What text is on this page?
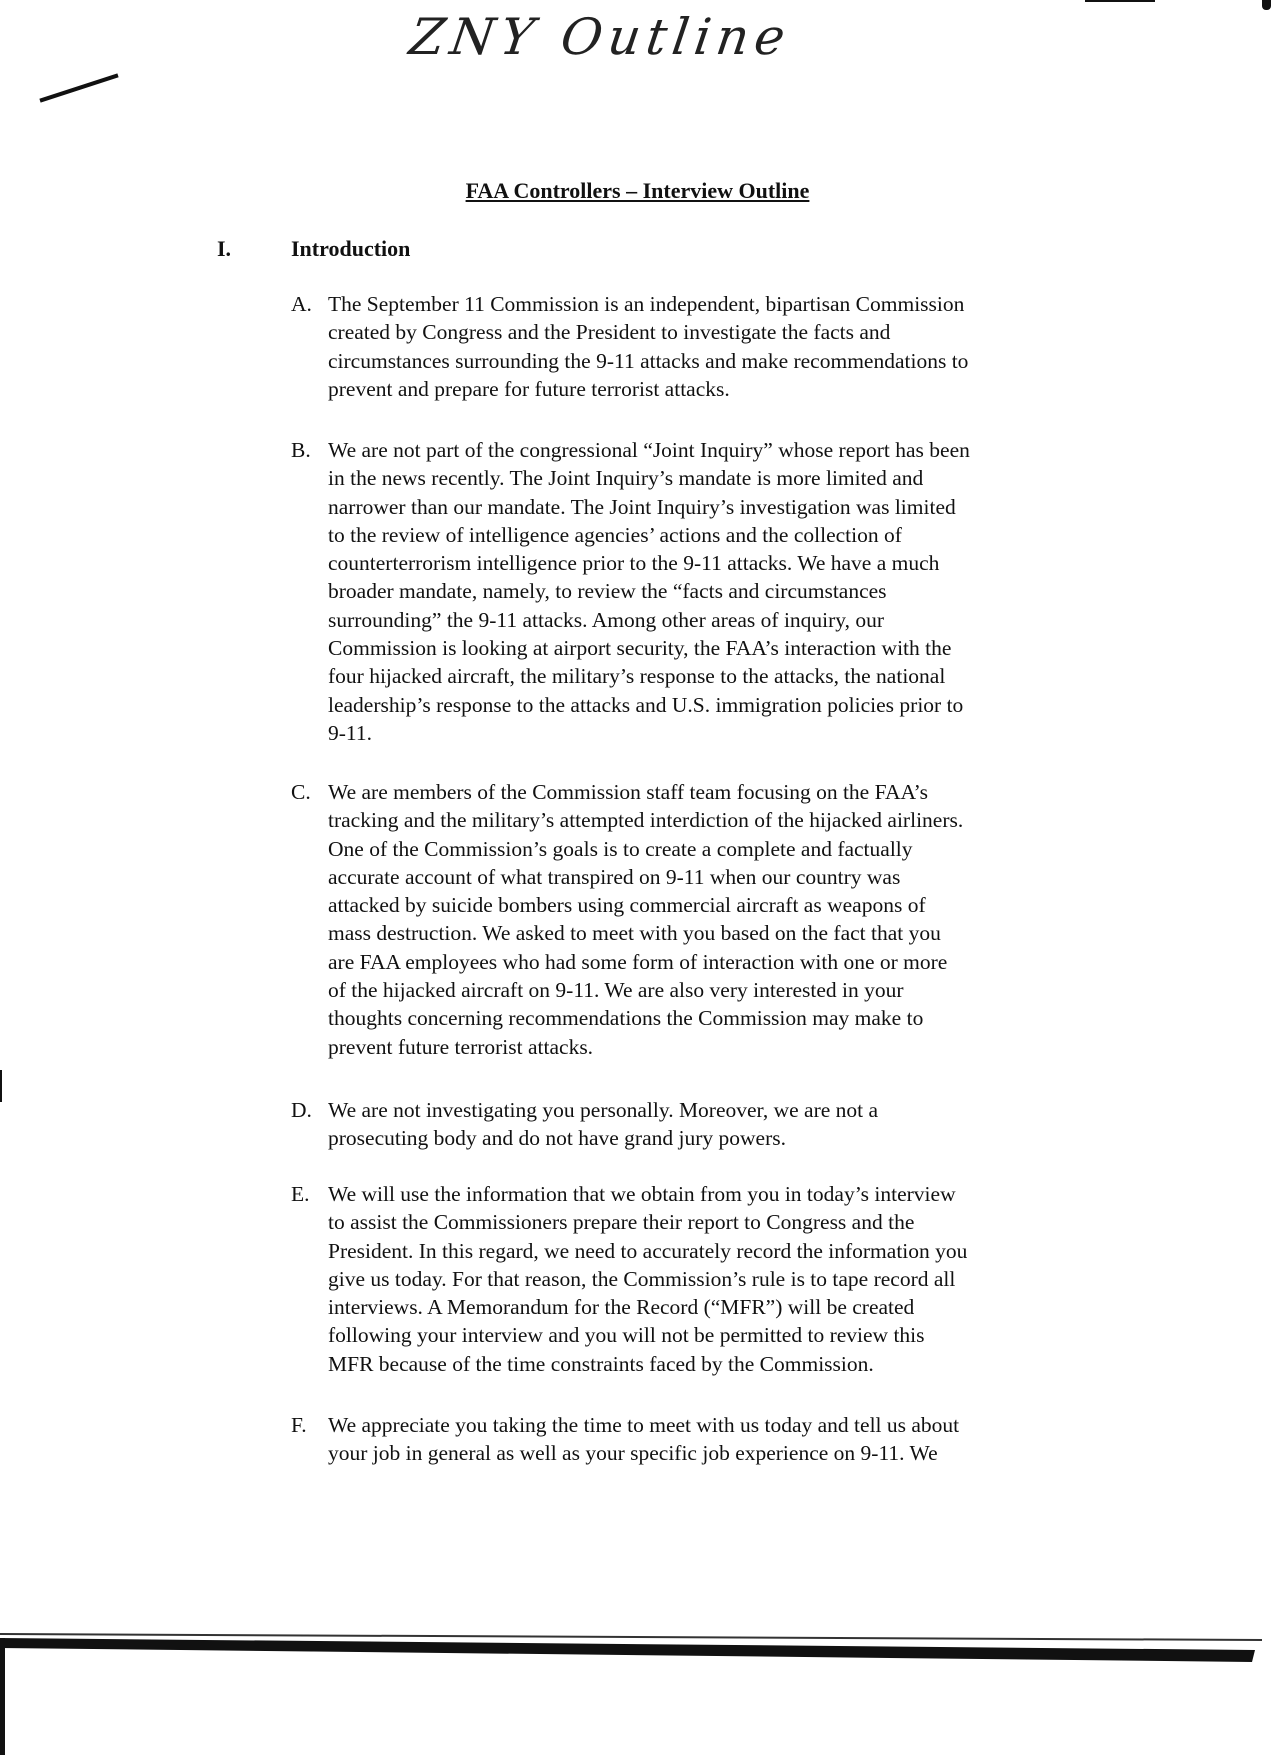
ZNY Outline
FAA Controllers – Interview Outline
I.	Introduction
A. The September 11 Commission is an independent, bipartisan Commission
created by Congress and the President to investigate the facts and
circumstances surrounding the 9-11 attacks and make recommendations to
prevent and prepare for future terrorist attacks.
B. We are not part of the congressional “Joint Inquiry” whose report has been
in the news recently. The Joint Inquiry’s mandate is more limited and
narrower than our mandate. The Joint Inquiry’s investigation was limited
to the review of intelligence agencies’ actions and the collection of
counterterrorism intelligence prior to the 9-11 attacks. We have a much
broader mandate, namely, to review the “facts and circumstances
surrounding” the 9-11 attacks. Among other areas of inquiry, our
Commission is looking at airport security, the FAA’s interaction with the
four hijacked aircraft, the military’s response to the attacks, the national
leadership’s response to the attacks and U.S. immigration policies prior to
9-11.
C. We are members of the Commission staff team focusing on the FAA’s
tracking and the military’s attempted interdiction of the hijacked airliners.
One of the Commission’s goals is to create a complete and factually
accurate account of what transpired on 9-11 when our country was
attacked by suicide bombers using commercial aircraft as weapons of
mass destruction. We asked to meet with you based on the fact that you
are FAA employees who had some form of interaction with one or more
of the hijacked aircraft on 9-11. We are also very interested in your
thoughts concerning recommendations the Commission may make to
prevent future terrorist attacks.
D. We are not investigating you personally. Moreover, we are not a
prosecuting body and do not have grand jury powers.
E. We will use the information that we obtain from you in today’s interview
to assist the Commissioners prepare their report to Congress and the
President. In this regard, we need to accurately record the information you
give us today. For that reason, the Commission’s rule is to tape record all
interviews. A Memorandum for the Record (“MFR”) will be created
following your interview and you will not be permitted to review this
MFR because of the time constraints faced by the Commission.
F. We appreciate you taking the time to meet with us today and tell us about
your job in general as well as your specific job experience on 9-11. We
